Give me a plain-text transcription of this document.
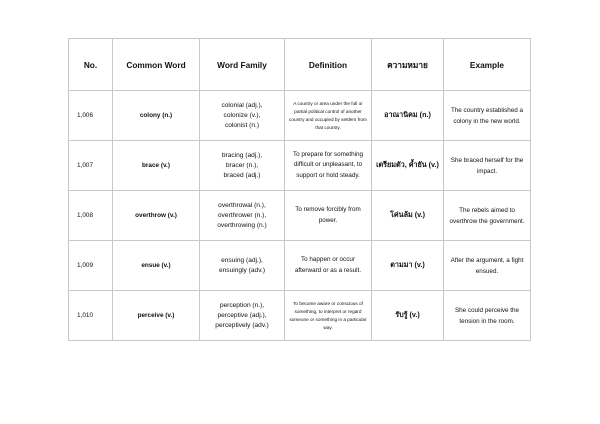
No.	Common Word	Word Family	Definition	ความหมาย	Example
1,006	colony (n.)	colonial (adj.),
colonize (v.),
colonist (n.)	A country or area under the full or partial political control of another country and occupied by settlers from that country.	อาณานิคม (n.)	The country established a colony in the new world.
1,007	brace (v.)	bracing (adj.),
bracer (n.),
braced (adj.)	To prepare for something difficult or unpleasant, to support or hold steady.	เตรียมตัว, ค้ำยัน (v.)	She braced herself for the impact.
1,008	overthrow (v.)	overthrowal (n.),
overthrower (n.),
overthrowing (n.)	To remove forcibly from power.	โค่นล้ม (v.)	The rebels aimed to overthrow the government.
1,009	ensue (v.)	ensuing (adj.),
ensuingly (adv.)	To happen or occur afterward or as a result.	ตามมา (v.)	After the argument, a fight ensued.
1,010	perceive (v.)	perception (n.),
perceptive (adj.),
perceptively (adv.)	To become aware or conscious of something, to interpret or regard someone or something in a particular way.	รับรู้ (v.)	She could perceive the tension in the room.
